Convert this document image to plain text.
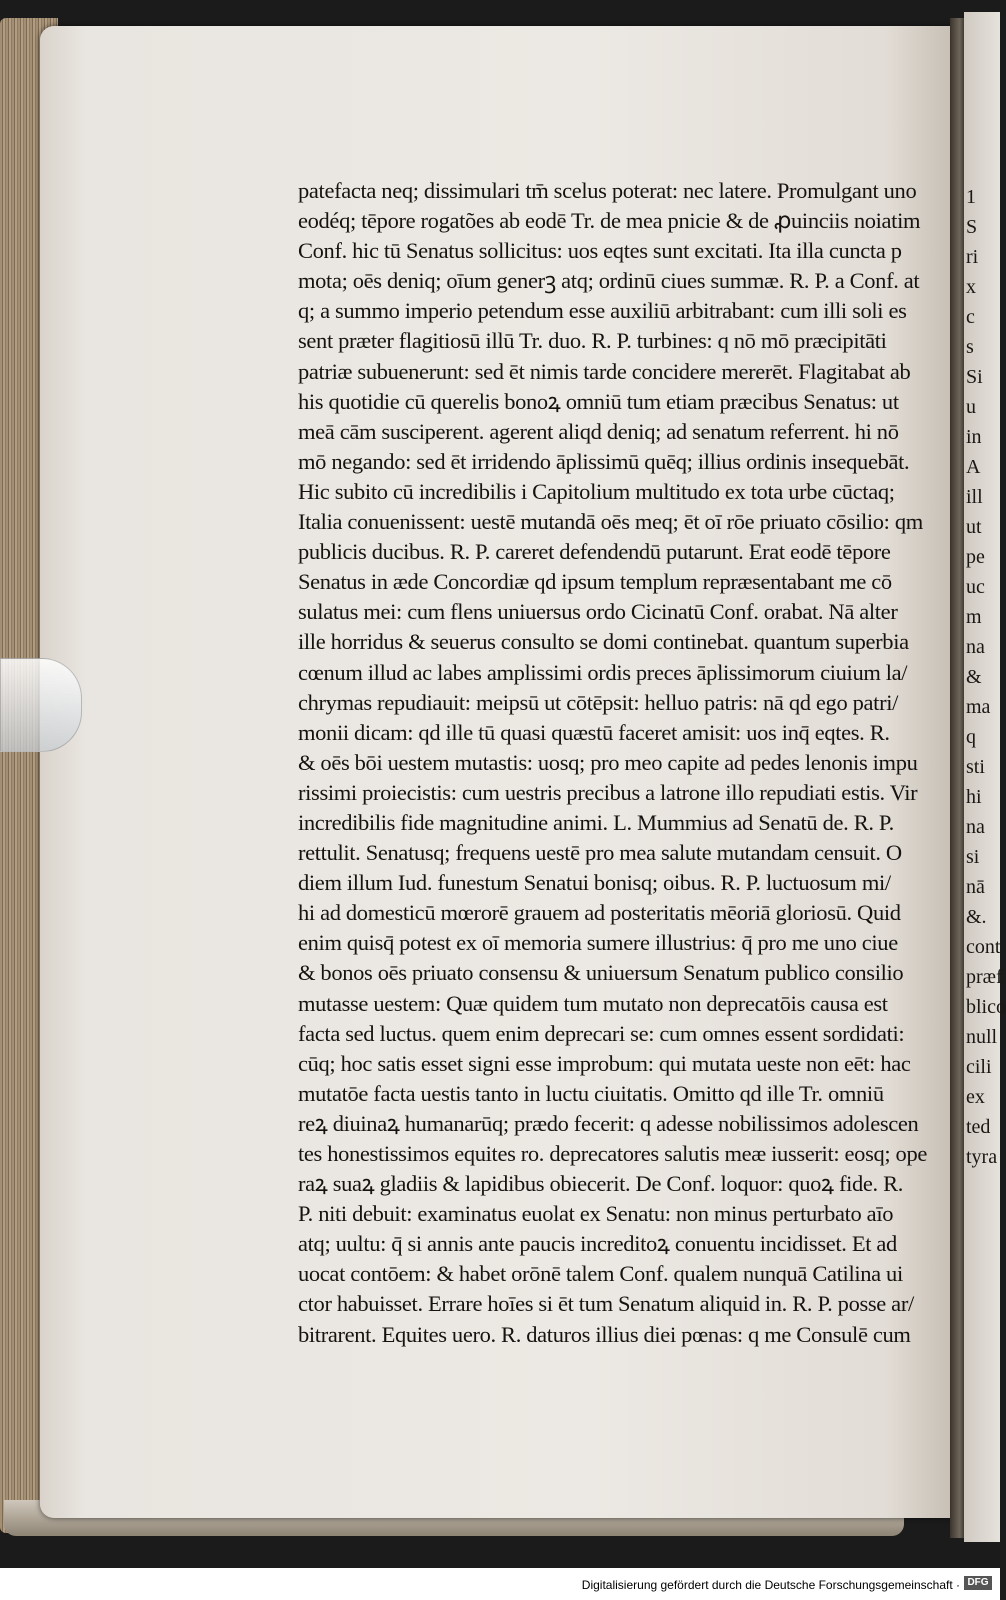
1
S
ri
x
c
s
Si
u
in
A
ill
ut
pe
uc
m
na
&
ma
q
sti
hi
na
si
nā
&.
cont
præf
blico
null
cili
ex
ted
tyra
patefacta neq; dissimulari tm̄ scelus poterat: nec latere. Promulgant uno
eodéq; tēpore rogatões ab eodē Tr. de mea pnicie & de ꝓuinciis noiatim
Conf. hic tū Senatus sollicitus: uos eqtes sunt excitati. Ita illa cuncta p
mota; oēs deniq; oīum generꝫ atq; ordinū ciues summæ. R. P. a Conf. at
q; a summo imperio petendum esse auxiliū arbitrabant: cum illi soli es
sent præter flagitiosū illū Tr. duo. R. P. turbines: q nō mō præcipitāti
patriæ subuenerunt: sed ēt nimis tarde concidere mererēt. Flagitabat ab
his quotidie cū querelis bonoꝝ omniū tum etiam præcibus Senatus: ut
meā cām susciperent. agerent aliqd deniq; ad senatum referrent. hi nō
mō negando: sed ēt irridendo āplissimū quēq; illius ordinis insequebāt.
Hic subito cū incredibilis i Capitolium multitudo ex tota urbe cūctaq;
Italia conuenissent: uestē mutandā oēs meq; ēt oī rōe priuato cōsilio: qm
publicis ducibus. R. P. careret defendendū putarunt. Erat eodē tēpore
Senatus in æde Concordiæ qd ipsum templum repræsentabant me cō
sulatus mei: cum flens uniuersus ordo Cicinatū Conf. orabat. Nā alter
ille horridus & seuerus consulto se domi continebat. quantum superbia
cœnum illud ac labes amplissimi ordis preces āplissimorum ciuium la/
chrymas repudiauit: meipsū ut cōtēpsit: helluo patris: nā qd ego patri/
monii dicam: qd ille tū quasi quæstū faceret amisit: uos inq̄ eqtes. R.
& oēs bōi uestem mutastis: uosq; pro meo capite ad pedes lenonis impu
rissimi proiecistis: cum uestris precibus a latrone illo repudiati estis. Vir
incredibilis fide magnitudine animi. L. Mummius ad Senatū de. R. P.
rettulit. Senatusq; frequens uestē pro mea salute mutandam censuit. O
diem illum Iud. funestum Senatui bonisq; oibus. R. P. luctuosum mi/
hi ad domesticū mœrorē grauem ad posteritatis mēoriā gloriosū. Quid
enim quisq̄ potest ex oī memoria sumere illustrius: q̄ pro me uno ciue
& bonos oēs priuato consensu & uniuersum Senatum publico consilio
mutasse uestem: Quæ quidem tum mutato non deprecatōis causa est
facta sed luctus. quem enim deprecari se: cum omnes essent sordidati:
cūq; hoc satis esset signi esse improbum: qui mutata ueste non eēt: hac
mutatōe facta uestis tanto in luctu ciuitatis. Omitto qd ille Tr. omniū
reꝝ diuinaꝝ humanarūq; prædo fecerit: q adesse nobilissimos adolescen
tes honestissimos equites ro. deprecatores salutis meæ iusserit: eosq; ope
raꝝ suaꝝ gladiis & lapidibus obiecerit. De Conf. loquor: quoꝝ fide. R.
P. niti debuit: examinatus euolat ex Senatu: non minus perturbato aīo
atq; uultu: q̄ si annis ante paucis increditoꝝ conuentu incidisset. Et ad
uocat contōem: & habet orōnē talem Conf. qualem nunquā Catilina ui
ctor habuisset. Errare hoīes si ēt tum Senatum aliquid in. R. P. posse ar/
bitrarent. Equites uero. R. daturos illius diei pœnas: q me Consulē cum
Digitalisierung gefördert durch die Deutsche Forschungsgemeinschaft · DFG
